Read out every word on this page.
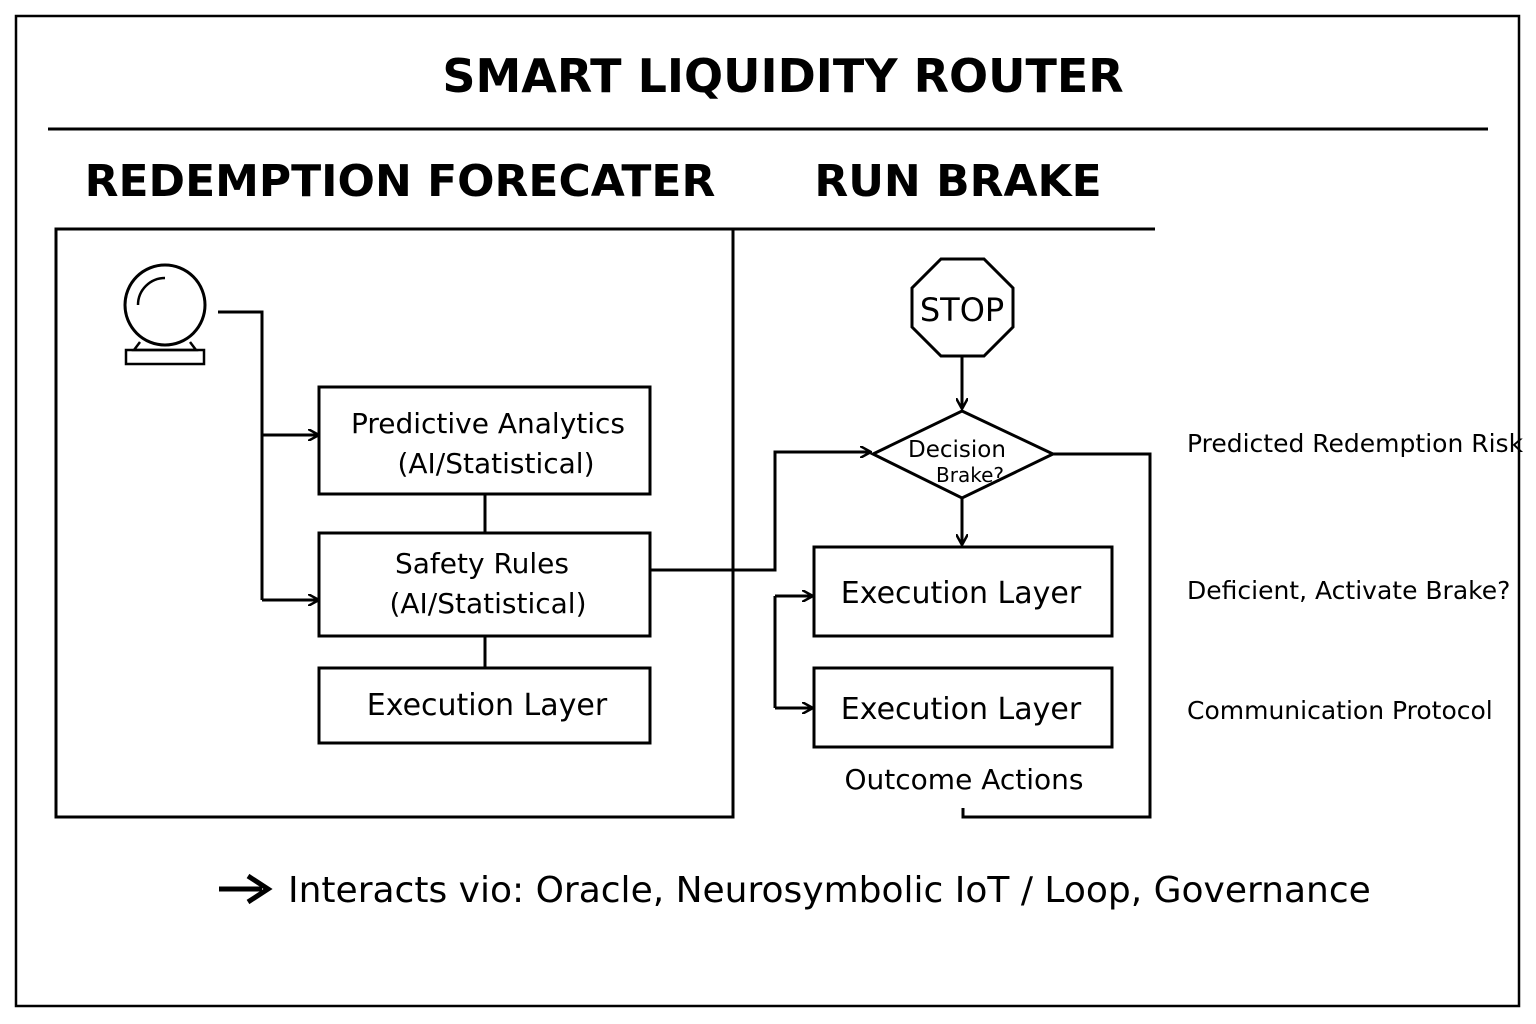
SMART LIQUIDITY ROUTER
REDEMPTION FORECATER RUN BRAKE
Predictive Analytics
(AI/Statistical)
Safety Rules
(AI/Statistical)
Execution Layer
STOP
Decision
Brake?
Execution Layer
Execution Layer
Outcome Actions
Predicted Redemption Risk
Deficient, Activate Brake?
Communication Protocol
Interacts vio: Oracle, Neurosymbolic IoT / Loop, Governance
